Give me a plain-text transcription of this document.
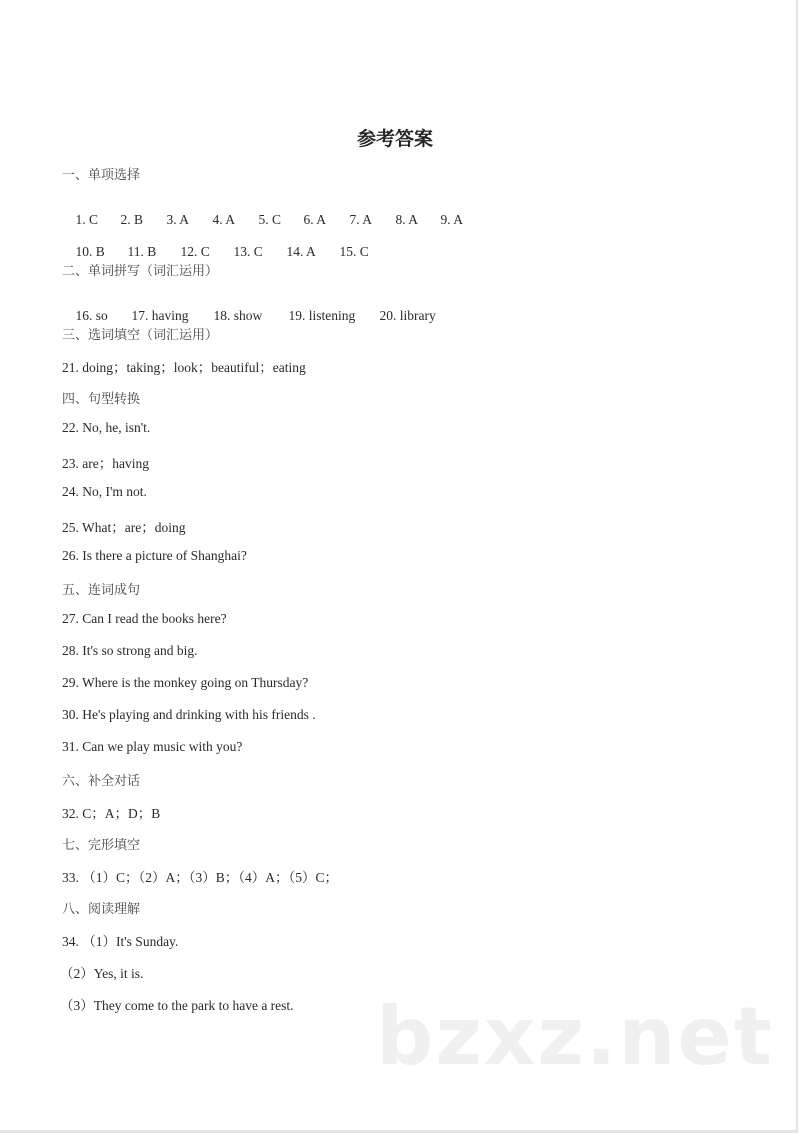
参考答案
一、单项选择

1. C 2. B 3. A 4. A 5. C 6. A 7. A 8. A 9. A

10. B 11. B 12. C 13. C 14. A 15. C

二、单词拼写（词汇运用）

16. so 17. having 18. show 19. listening 20. library

三、选词填空（词汇运用）
21. doing；taking；look；beautiful；eating
四、句型转换
22. No, he, isn't.
23. are；having
24. No, I'm not.
25. What；are；doing
26. Is there a picture of Shanghai?
五、连词成句
27. Can I read the books here?
28. It's so strong and big.
29. Where is the monkey going on Thursday?
30. He's playing and drinking with his friends .
31. Can we play music with you?
六、补全对话
32. C；A；D；B
七、完形填空
33. （1）C；（2）A；（3）B；（4）A；（5）C；
八、阅读理解
34. （1）It's Sunday.
（2）Yes, it is.
（3）They come to the park to have a rest. bzxz.net
